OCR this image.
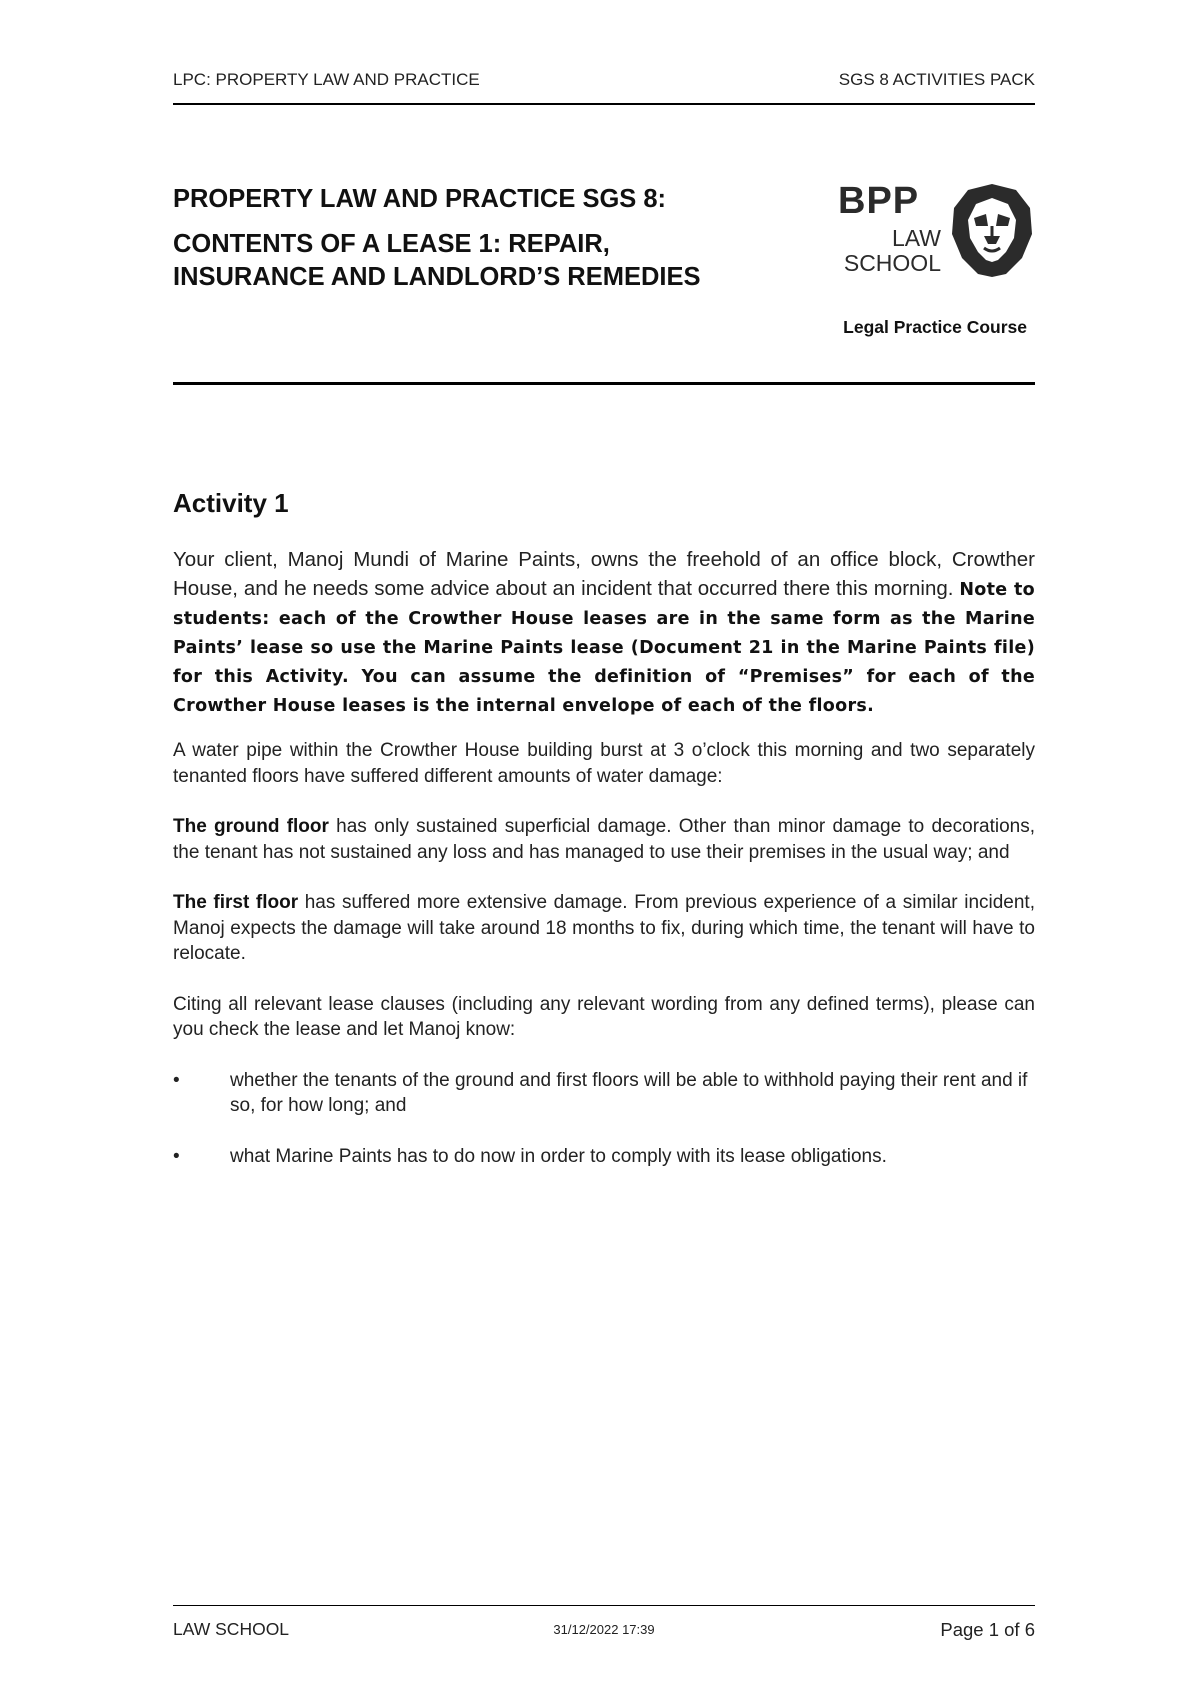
LPC: PROPERTY LAW AND PRACTICE	SGS 8 ACTIVITIES PACK
PROPERTY LAW AND PRACTICE SGS 8:
CONTENTS OF A LEASE 1: REPAIR,
INSURANCE AND LANDLORD’S REMEDIES
BPP
LAW
SCHOOL
Legal Practice Course
Activity 1

Your client, Manoj Mundi of Marine Paints, owns the freehold of an office block, Crowther House, and he needs some advice about an incident that occurred there this morning. Note to students: each of the Crowther House leases are in the same form as the Marine Paints’ lease so use the Marine Paints lease (Document 21 in the Marine Paints file) for this Activity. You can assume the definition of “Premises” for each of the Crowther House leases is the internal envelope of each of the floors.

A water pipe within the Crowther House building burst at 3 o’clock this morning and two separately tenanted floors have suffered different amounts of water damage:

The ground floor has only sustained superficial damage. Other than minor damage to decorations, the tenant has not sustained any loss and has managed to use their premises in the usual way; and

The first floor has suffered more extensive damage. From previous experience of a similar incident, Manoj expects the damage will take around 18 months to fix, during which time, the tenant will have to relocate.

Citing all relevant lease clauses (including any relevant wording from any defined terms), please can you check the lease and let Manoj know:

•	whether the tenants of the ground and first floors will be able to withhold paying their rent and if so, for how long; and
•	what Marine Paints has to do now in order to comply with its lease obligations.
LAW SCHOOL	31/12/2022 17:39	Page 1 of 6
